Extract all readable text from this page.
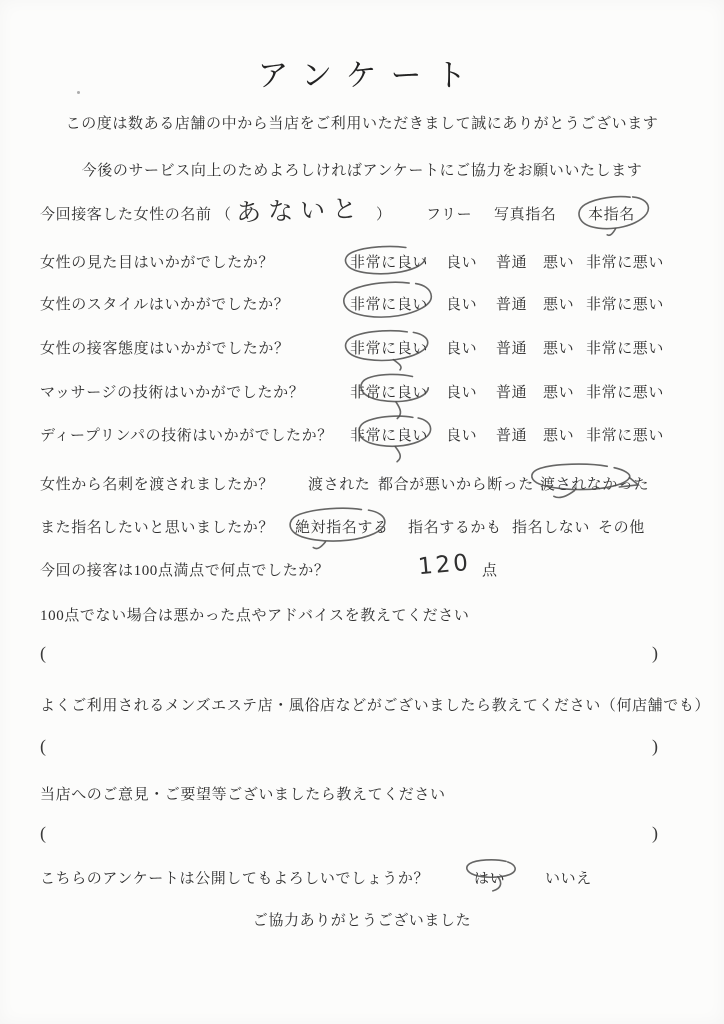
アンケート
この度は数ある店舗の中から当店をご利用いただきまして誠にありがとうございます
今後のサービス向上のためよろしければアンケートにご協力をお願いいたします
今回接客した女性の名前 （ あないと ） フリー 写真指名 本指名
女性の見た目はいかがでしたか？	非常に良い 良い 普通 悪い 非常に悪い
女性のスタイルはいかがでしたか？	非常に良い 良い 普通 悪い 非常に悪い
女性の接客態度はいかがでしたか？	非常に良い 良い 普通 悪い 非常に悪い
マッサージの技術はいかがでしたか？	非常に良い 良い 普通 悪い 非常に悪い
ディープリンパの技術はいかがでしたか？ 非常に良い 良い 普通 悪い 非常に悪い
女性から名刺を渡されましたか？ 渡された 都合が悪いから断った 渡されなかった
また指名したいと思いましたか？ 絶対指名する 指名するかも 指名しない その他
今回の接客は100点満点で何点でしたか？	120 点
100点でない場合は悪かった点やアドバイスを教えてください
(	)
よくご利用されるメンズエステ店・風俗店などがございましたら教えてください（何店舗でも）
(	)
当店へのご意見・ご要望等ございましたら教えてください
(	)
こちらのアンケートは公開してもよろしいでしょうか？	はい	いいえ
ご協力ありがとうございました
